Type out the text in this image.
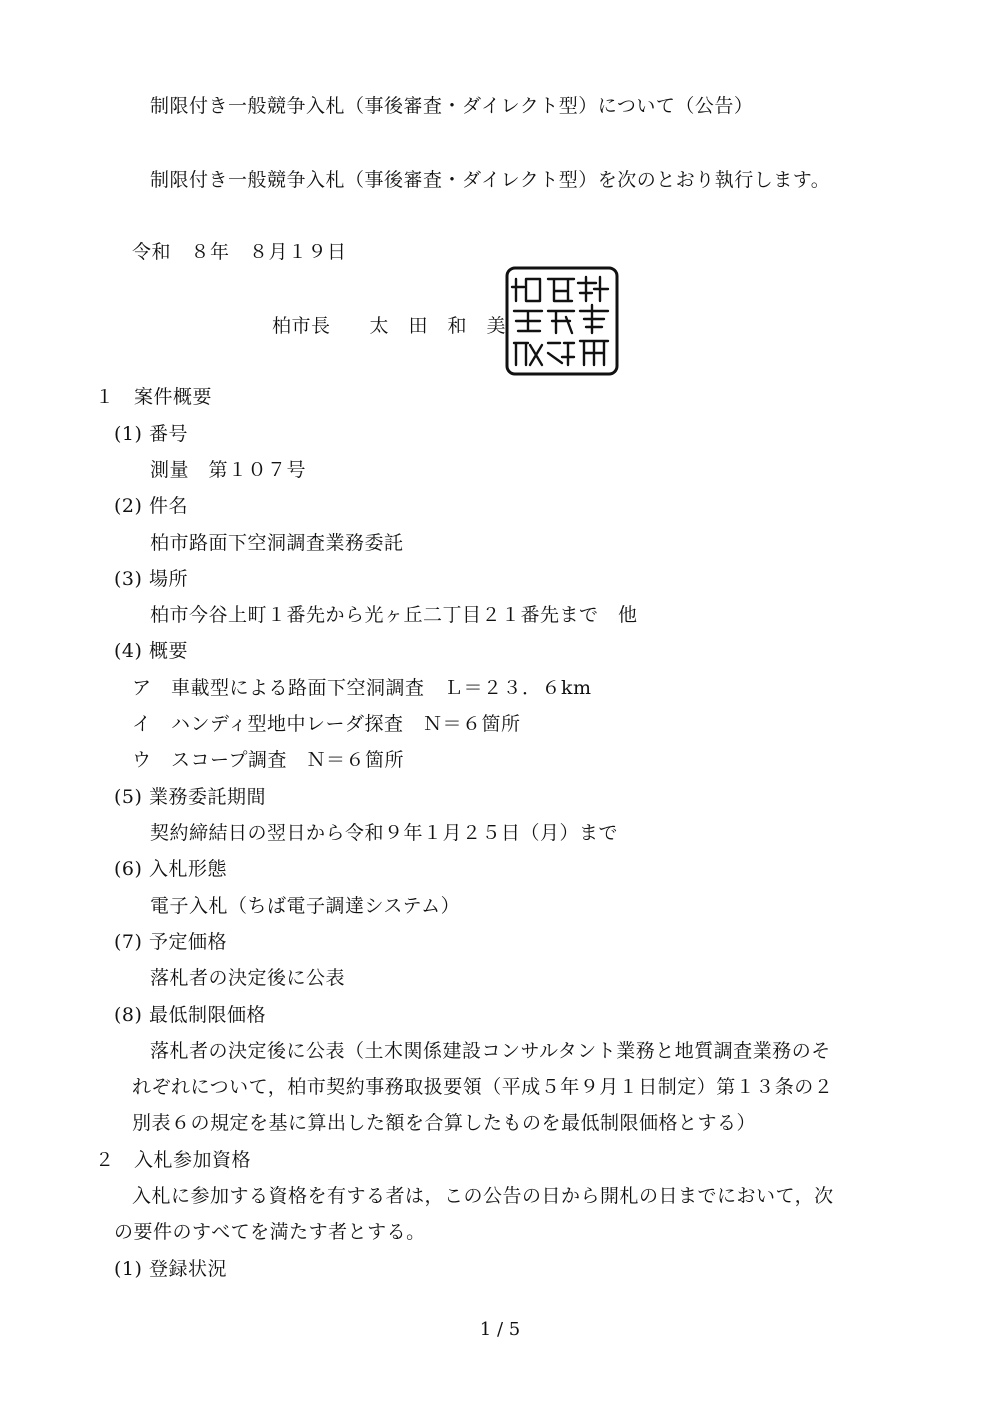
制限付き一般競争入札（事後審査・ダイレクト型）について（公告）
制限付き一般競争入札（事後審査・ダイレクト型）を次のとおり執行します。
令和　８年　８月１９日
柏市長　　太　田　和　美
１　案件概要
(1) 番号
測量　第１０７号
(2) 件名
柏市路面下空洞調査業務委託
(3) 場所
柏市今谷上町１番先から光ヶ丘二丁目２１番先まで　他
(4) 概要
ア　車載型による路面下空洞調査　Ｌ＝２３．６km
イ　ハンディ型地中レーダ探査　Ｎ＝６箇所
ウ　スコープ調査　Ｎ＝６箇所
(5) 業務委託期間
契約締結日の翌日から令和９年１月２５日（月）まで
(6) 入札形態
電子入札（ちば電子調達システム）
(7) 予定価格
落札者の決定後に公表
(8) 最低制限価格
落札者の決定後に公表（土木関係建設コンサルタント業務と地質調査業務のそ
れぞれについて，柏市契約事務取扱要領（平成５年９月１日制定）第１３条の２
別表６の規定を基に算出した額を合算したものを最低制限価格とする）
２　入札参加資格
入札に参加する資格を有する者は，この公告の日から開札の日までにおいて，次
の要件のすべてを満たす者とする。
(1) 登録状況
1 / 5
